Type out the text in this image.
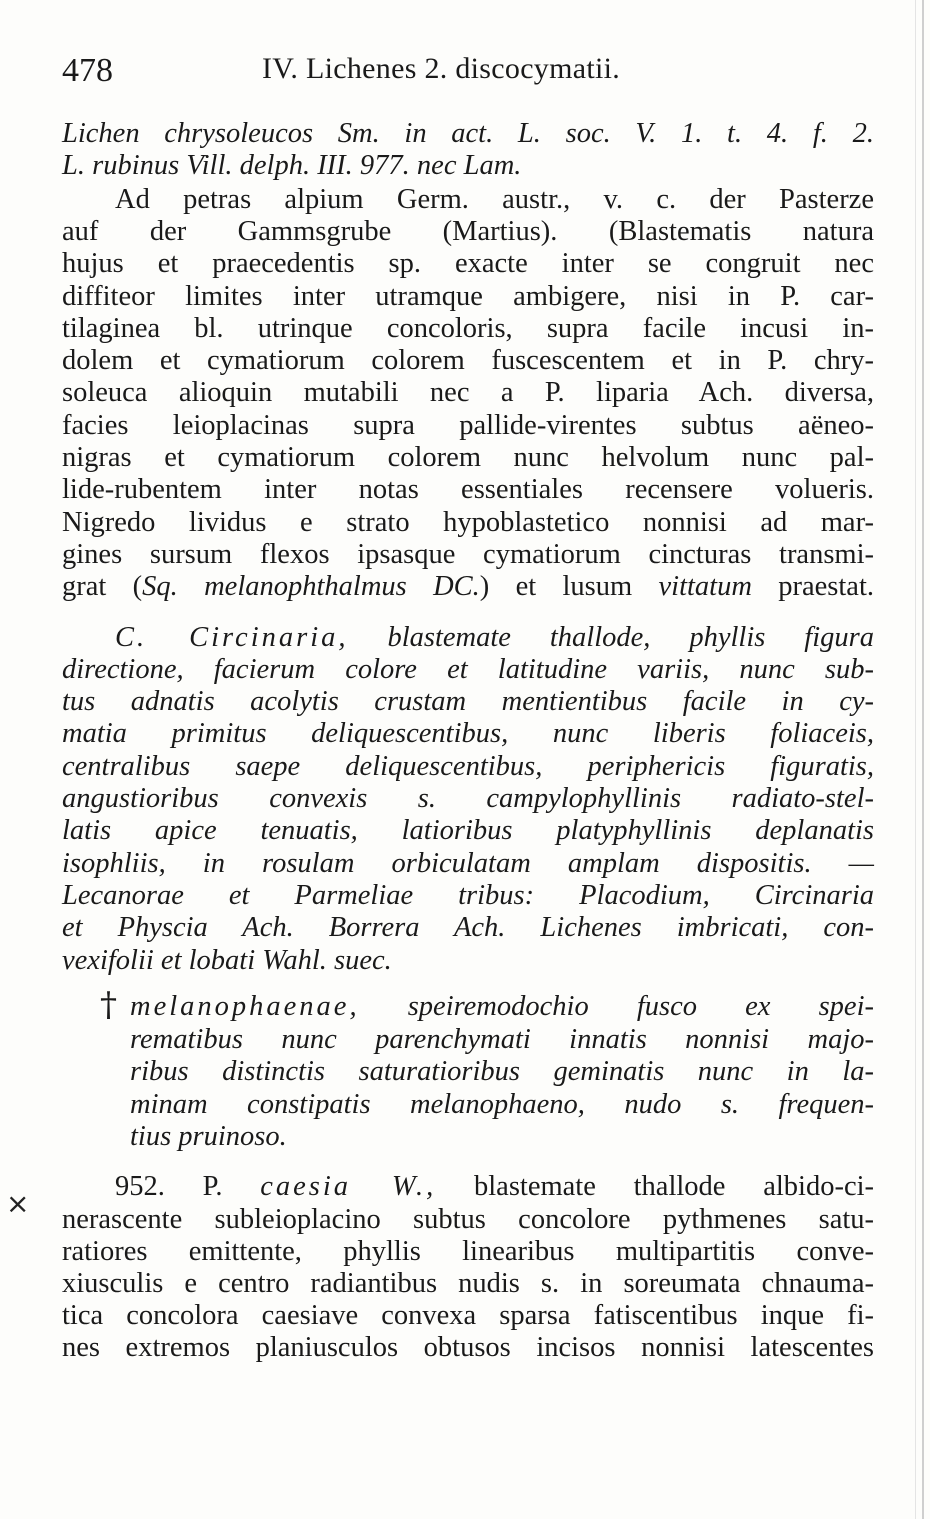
478	IV. Lichenes 2. discocymatii.
Lichen chrysoleucos Sm. in act. L. soc. V. 1. t. 4. f. 2.
L. rubinus Vill. delph. III. 977. nec Lam.
Ad petras alpium Germ. austr., v. c. der Pasterze
auf der Gammsgrube (Martius). (Blastematis natura
hujus et praecedentis sp. exacte inter se congruit nec
diffiteor limites inter utramque ambigere, nisi in P. car-
tilaginea bl. utrinque concoloris, supra facile incusi in-
dolem et cymatiorum colorem fuscescentem et in P. chry-
soleuca alioquin mutabili nec a P. liparia Ach. diversa,
facies leioplacinas supra pallide-virentes subtus aëneo-
nigras et cymatiorum colorem nunc helvolum nunc pal-
lide-rubentem inter notas essentiales recensere volueris.
Nigredo lividus e strato hypoblastetico nonnisi ad mar-
gines sursum flexos ipsasque cymatiorum cincturas transmi-
grat (Sq. melanophthalmus DC.) et lusum vittatum praestat.
C. Circinaria, blastemate thallode, phyllis figura
directione, facierum colore et latitudine variis, nunc sub-
tus adnatis acolytis crustam mentientibus facile in cy-
matia primitus deliquescentibus, nunc liberis foliaceis,
centralibus saepe deliquescentibus, periphericis figuratis,
angustioribus convexis s. campylophyllinis radiato-stel-
latis apice tenuatis, latioribus platyphyllinis deplanatis
isophliis, in rosulam orbiculatam amplam dispositis. —
Lecanorae et Parmeliae tribus: Placodium, Circinaria
et Physcia Ach. Borrera Ach. Lichenes imbricati, con-
vexifolii et lobati Wahl. suec.
† melanophaenae, speiremodochio fusco ex spei-
rematibus nunc parenchymati innatis nonnisi majo-
ribus distinctis saturatioribus geminatis nunc in la-
minam constipatis melanophaeno, nudo s. frequen-
tius pruinoso.
×
952. P. caesia W., blastemate thallode albido-ci-
nerascente subleioplacino subtus concolore pythmenes satu-
ratiores emittente, phyllis linearibus multipartitis conve-
xiusculis e centro radiantibus nudis s. in soreumata chnauma-
tica concolora caesiave convexa sparsa fatiscentibus inque fi-
nes extremos planiusculos obtusos incisos nonnisi latescentes
